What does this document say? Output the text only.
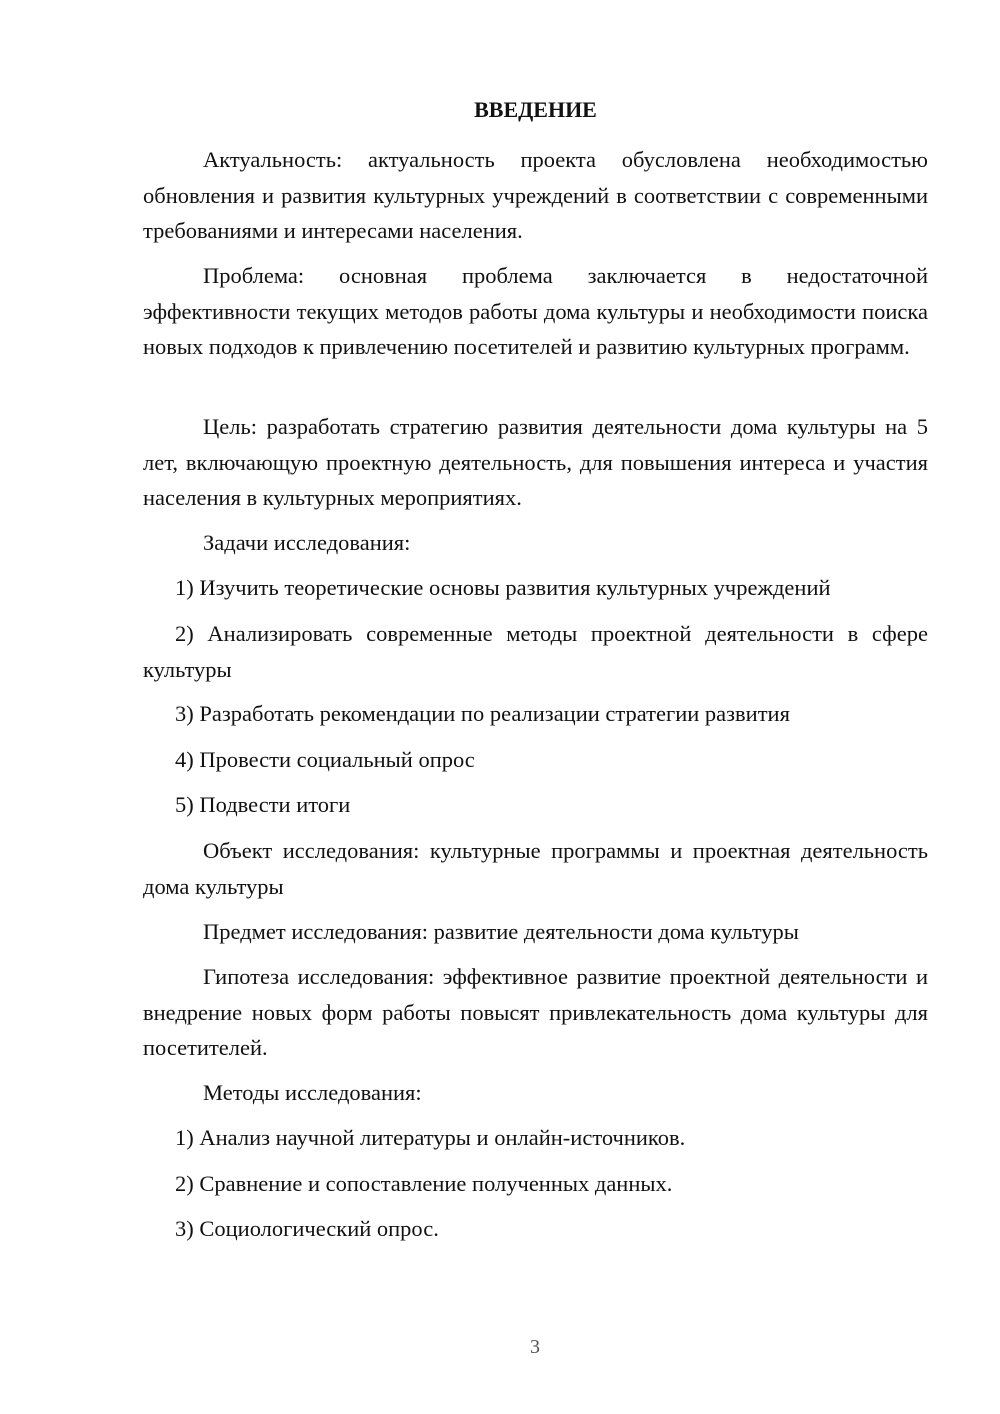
ВВЕДЕНИЕ

Актуальность: актуальность проекта обусловлена необходимостью обновления и развития культурных учреждений в соответствии с современными требованиями и интересами населения.

Проблема: основная проблема заключается в недостаточной эффективности текущих методов работы дома культуры и необходимости поиска новых подходов к привлечению посетителей и развитию культурных программ.

Цель: разработать стратегию развития деятельности дома культуры на 5 лет, включающую проектную деятельность, для повышения интереса и участия населения в культурных мероприятиях.

Задачи исследования:

1) Изучить теоретические основы развития культурных учреждений

2) Анализировать современные методы проектной деятельности в сфере культуры

3) Разработать рекомендации по реализации стратегии развития

4) Провести социальный опрос

5) Подвести итоги

Объект исследования: культурные программы и проектная деятельность дома культуры

Предмет исследования: развитие деятельности дома культуры

Гипотеза исследования: эффективное развитие проектной деятельности и внедрение новых форм работы повысят привлекательность дома культуры для посетителей.

Методы исследования:

1) Анализ научной литературы и онлайн-источников.

2) Сравнение и сопоставление полученных данных.

3) Социологический опрос.

3
